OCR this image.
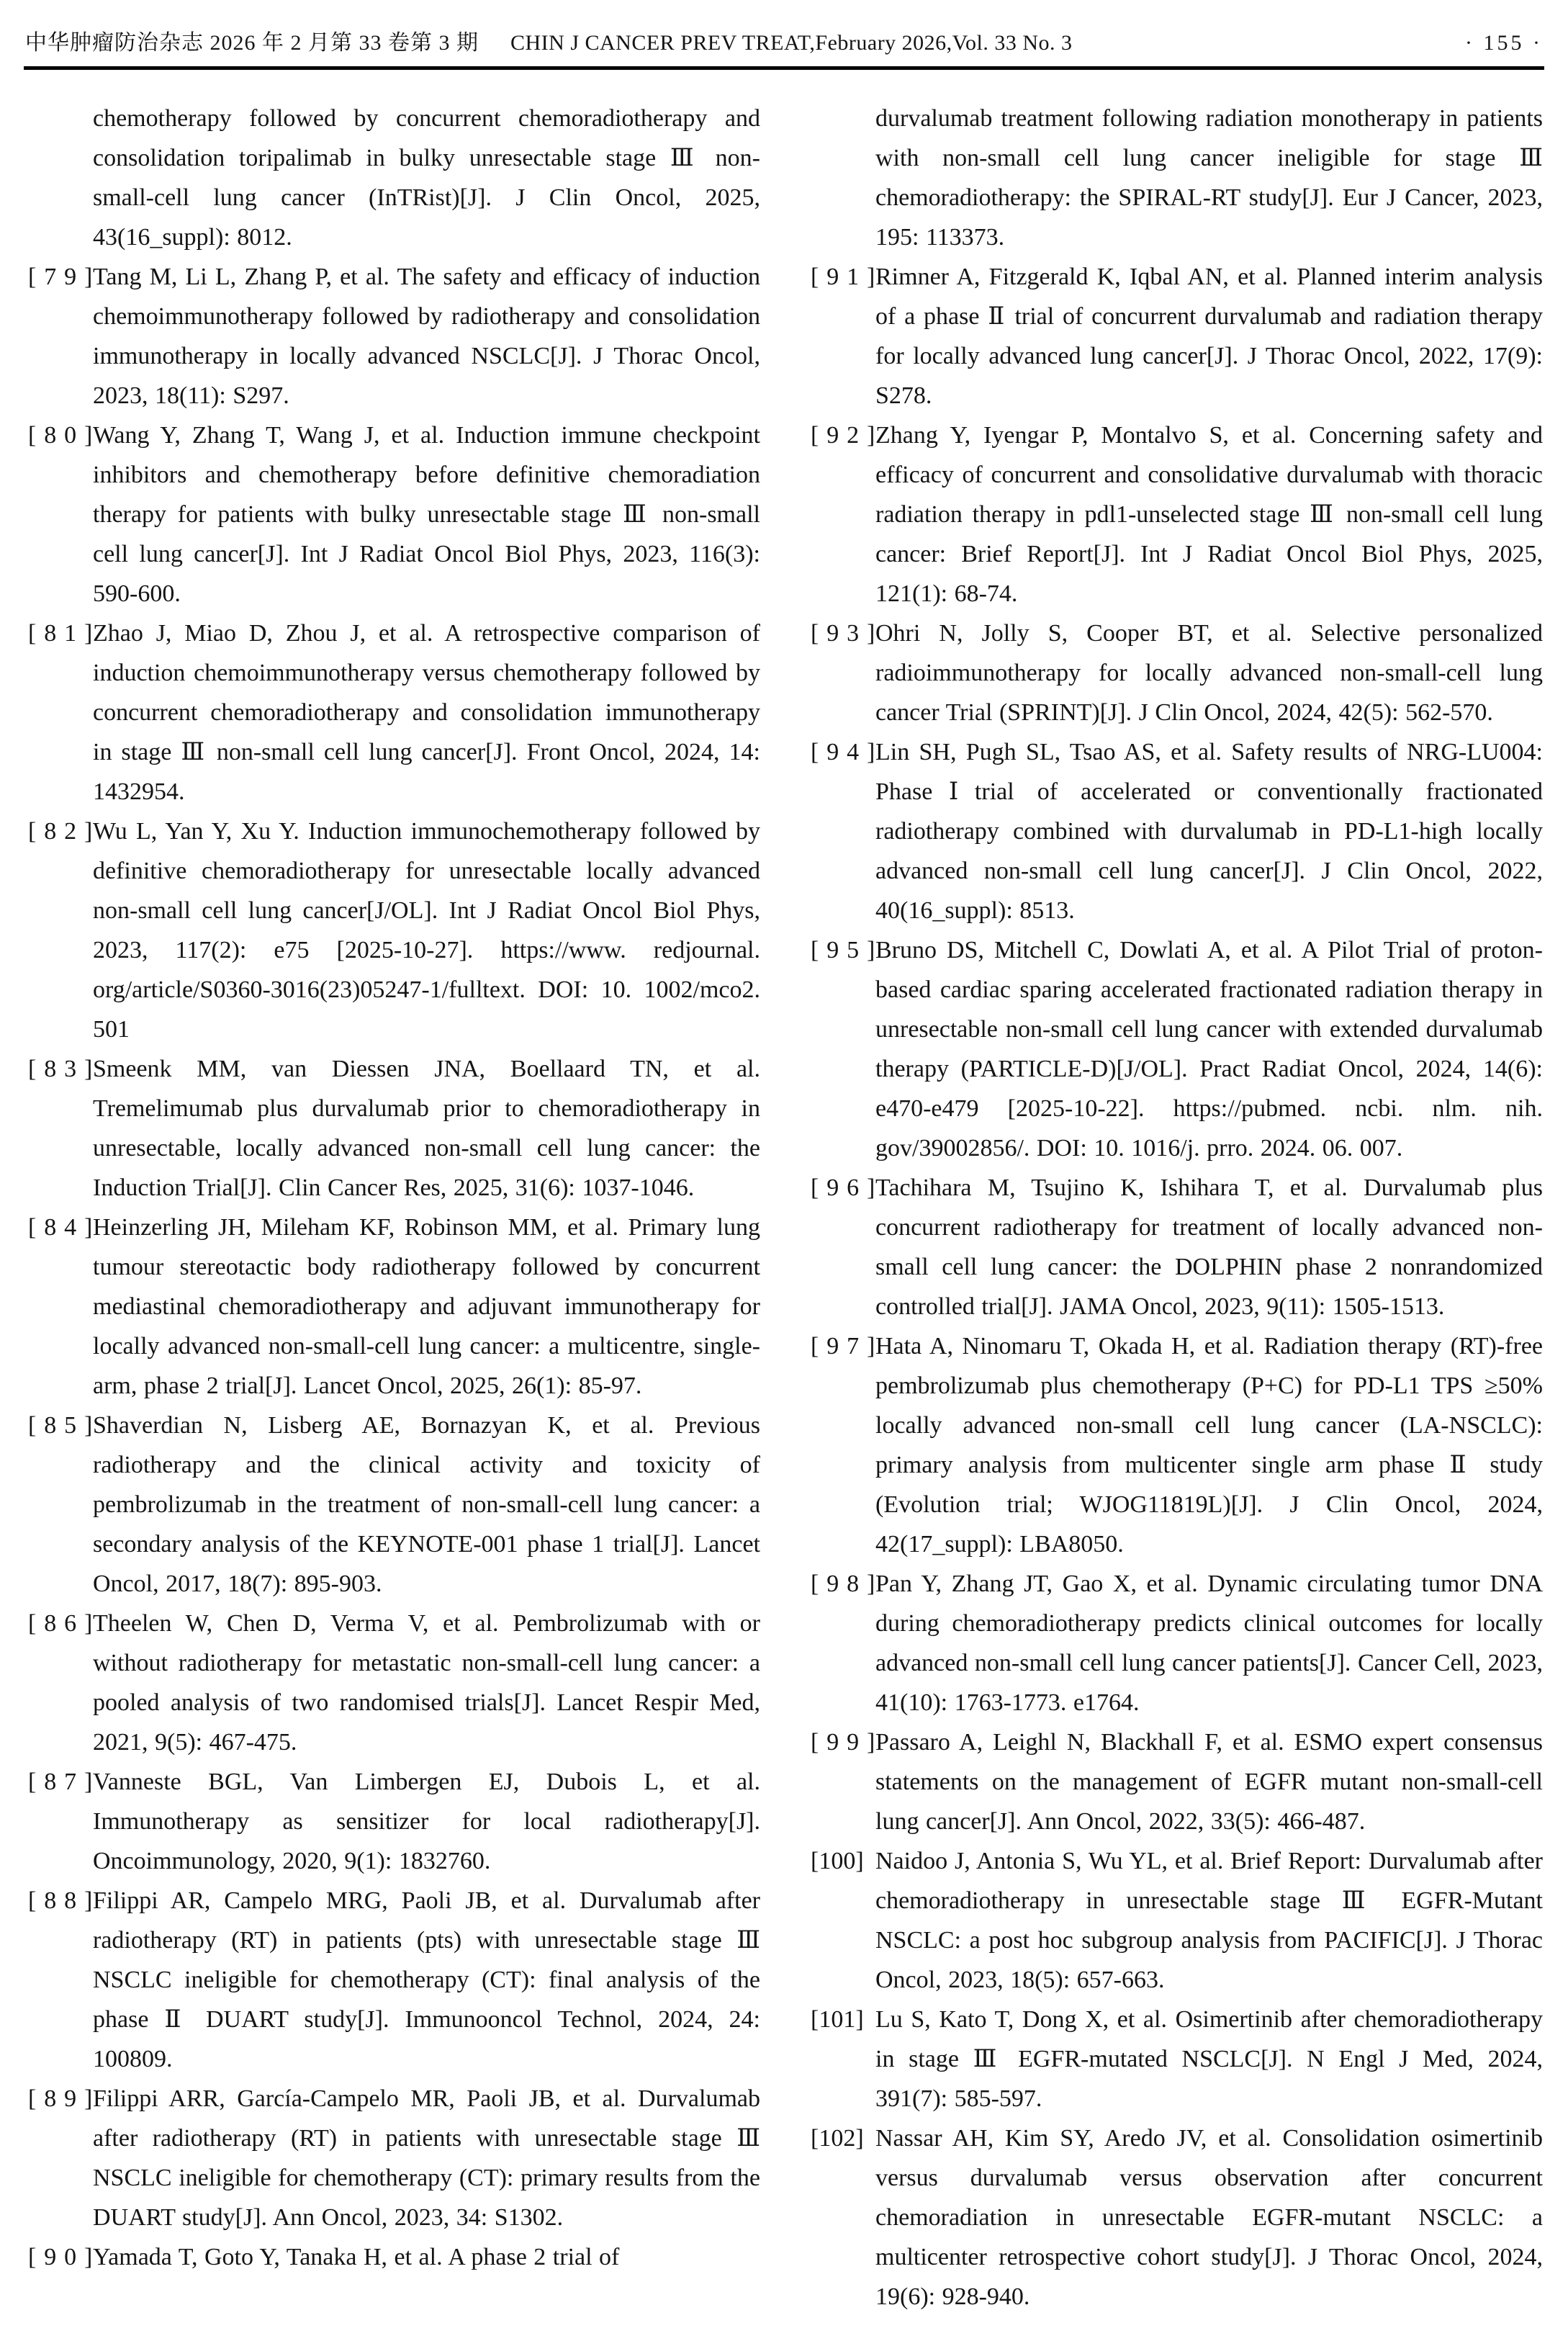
中华肿瘤防治杂志 2026 年 2 月第 33 卷第 3 期 CHIN J CANCER PREV TREAT,February 2026,Vol. 33 No. 3	· 155 ·
chemotherapy followed by concurrent chemoradiotherapy and consolidation toripalimab in bulky unresectable stage Ⅲ non-small-cell lung cancer (InTRist)[J]. J Clin Oncol, 2025, 43(16_suppl): 8012.
[79]
Tang M, Li L, Zhang P, et al. The safety and efficacy of induction chemoimmunotherapy followed by radiotherapy and consolidation immunotherapy in locally advanced NSCLC[J]. J Thorac Oncol, 2023, 18(11): S297.
[80]
Wang Y, Zhang T, Wang J, et al. Induction immune checkpoint inhibitors and chemotherapy before definitive chemoradiation therapy for patients with bulky unresectable stage Ⅲ non-small cell lung cancer[J]. Int J Radiat Oncol Biol Phys, 2023, 116(3): 590-600.
[81]
Zhao J, Miao D, Zhou J, et al. A retrospective comparison of induction chemoimmunotherapy versus chemotherapy followed by concurrent chemoradiotherapy and consolidation immunotherapy in stage Ⅲ non-small cell lung cancer[J]. Front Oncol, 2024, 14: 1432954.
[82]
Wu L, Yan Y, Xu Y. Induction immunochemotherapy followed by definitive chemoradiotherapy for unresectable locally advanced non-small cell lung cancer[J/OL]. Int J Radiat Oncol Biol Phys, 2023, 117(2): e75 [2025-10-27]. https://www. redjournal. org/article/S0360-3016(23)05247-1/fulltext. DOI: 10. 1002/mco2. 501
[83]
Smeenk MM, van Diessen JNA, Boellaard TN, et al. Tremelimumab plus durvalumab prior to chemoradiotherapy in unresectable, locally advanced non-small cell lung cancer: the Induction Trial[J]. Clin Cancer Res, 2025, 31(6): 1037-1046.
[84]
Heinzerling JH, Mileham KF, Robinson MM, et al. Primary lung tumour stereotactic body radiotherapy followed by concurrent mediastinal chemoradiotherapy and adjuvant immunotherapy for locally advanced non-small-cell lung cancer: a multicentre, single-arm, phase 2 trial[J]. Lancet Oncol, 2025, 26(1): 85-97.
[85]
Shaverdian N, Lisberg AE, Bornazyan K, et al. Previous radiotherapy and the clinical activity and toxicity of pembrolizumab in the treatment of non-small-cell lung cancer: a secondary analysis of the KEYNOTE-001 phase 1 trial[J]. Lancet Oncol, 2017, 18(7): 895-903.
[86]
Theelen W, Chen D, Verma V, et al. Pembrolizumab with or without radiotherapy for metastatic non-small-cell lung cancer: a pooled analysis of two randomised trials[J]. Lancet Respir Med, 2021, 9(5): 467-475.
[87]
Vanneste BGL, Van Limbergen EJ, Dubois L, et al. Immunotherapy as sensitizer for local radiotherapy[J]. Oncoimmunology, 2020, 9(1): 1832760.
[88]
Filippi AR, Campelo MRG, Paoli JB, et al. Durvalumab after radiotherapy (RT) in patients (pts) with unresectable stage Ⅲ NSCLC ineligible for chemotherapy (CT): final analysis of the phase Ⅱ DUART study[J]. Immunooncol Technol, 2024, 24: 100809.
[89]
Filippi ARR, García-Campelo MR, Paoli JB, et al. Durvalumab after radiotherapy (RT) in patients with unresectable stage Ⅲ NSCLC ineligible for chemotherapy (CT): primary results from the DUART study[J]. Ann Oncol, 2023, 34: S1302.
[90]
Yamada T, Goto Y, Tanaka H, et al. A phase 2 trial of
durvalumab treatment following radiation monotherapy in patients with non-small cell lung cancer ineligible for stage Ⅲ chemoradiotherapy: the SPIRAL-RT study[J]. Eur J Cancer, 2023, 195: 113373.
[91]
Rimner A, Fitzgerald K, Iqbal AN, et al. Planned interim analysis of a phase Ⅱ trial of concurrent durvalumab and radiation therapy for locally advanced lung cancer[J]. J Thorac Oncol, 2022, 17(9): S278.
[92]
Zhang Y, Iyengar P, Montalvo S, et al. Concerning safety and efficacy of concurrent and consolidative durvalumab with thoracic radiation therapy in pdl1-unselected stage Ⅲ non-small cell lung cancer: Brief Report[J]. Int J Radiat Oncol Biol Phys, 2025, 121(1): 68-74.
[93]
Ohri N, Jolly S, Cooper BT, et al. Selective personalized radioimmunotherapy for locally advanced non-small-cell lung cancer Trial (SPRINT)[J]. J Clin Oncol, 2024, 42(5): 562-570.
[94]
Lin SH, Pugh SL, Tsao AS, et al. Safety results of NRG-LU004: PhaseⅠtrial of accelerated or conventionally fractionated radiotherapy combined with durvalumab in PD-L1-high locally advanced non-small cell lung cancer[J]. J Clin Oncol, 2022, 40(16_suppl): 8513.
[95]
Bruno DS, Mitchell C, Dowlati A, et al. A Pilot Trial of proton-based cardiac sparing accelerated fractionated radiation therapy in unresectable non-small cell lung cancer with extended durvalumab therapy (PARTICLE-D)[J/OL]. Pract Radiat Oncol, 2024, 14(6): e470-e479 [2025-10-22]. https://pubmed. ncbi. nlm. nih. gov/39002856/. DOI: 10. 1016/j. prro. 2024. 06. 007.
[96]
Tachihara M, Tsujino K, Ishihara T, et al. Durvalumab plus concurrent radiotherapy for treatment of locally advanced non-small cell lung cancer: the DOLPHIN phase 2 nonrandomized controlled trial[J]. JAMA Oncol, 2023, 9(11): 1505-1513.
[97]
Hata A, Ninomaru T, Okada H, et al. Radiation therapy (RT)-free pembrolizumab plus chemotherapy (P+C) for PD-L1 TPS ≥50% locally advanced non-small cell lung cancer (LA-NSCLC): primary analysis from multicenter single arm phase Ⅱ study (Evolution trial; WJOG11819L)[J]. J Clin Oncol, 2024, 42(17_suppl): LBA8050.
[98]
Pan Y, Zhang JT, Gao X, et al. Dynamic circulating tumor DNA during chemoradiotherapy predicts clinical outcomes for locally advanced non-small cell lung cancer patients[J]. Cancer Cell, 2023, 41(10): 1763-1773. e1764.
[99]
Passaro A, Leighl N, Blackhall F, et al. ESMO expert consensus statements on the management of EGFR mutant non-small-cell lung cancer[J]. Ann Oncol, 2022, 33(5): 466-487.
[100] Naidoo J, Antonia S, Wu YL, et al. Brief Report: Durvalumab after chemoradiotherapy in unresectable stage Ⅲ EGFR-Mutant NSCLC: a post hoc subgroup analysis from PACIFIC[J]. J Thorac Oncol, 2023, 18(5): 657-663.
[101] Lu S, Kato T, Dong X, et al. Osimertinib after chemoradiotherapy in stage Ⅲ EGFR-mutated NSCLC[J]. N Engl J Med, 2024, 391(7): 585-597.
[102] Nassar AH, Kim SY, Aredo JV, et al. Consolidation osimertinib versus durvalumab versus observation after concurrent chemoradiation in unresectable EGFR-mutant NSCLC: a multicenter retrospective cohort study[J]. J Thorac Oncol, 2024, 19(6): 928-940.
